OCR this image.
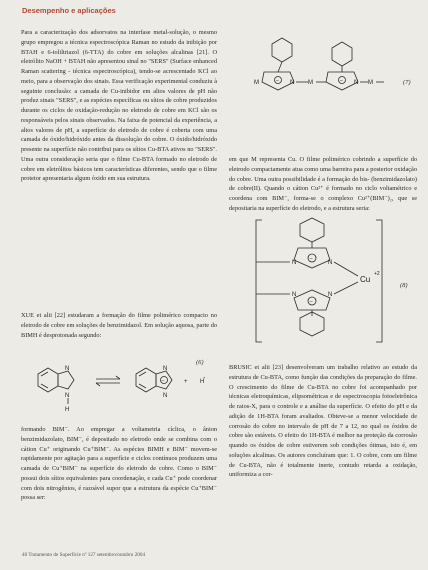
Desempenho e aplicações

Para a caracterização dos adsorvatos na interfase metal-solução, o mesmo grupo empregou a técnica espectroscópica Raman no estudo da inibição por BTAH e 6-toliltriazol (6-TTA) do cobre em soluções alcalinas [21]. O eletrólito NaOH + BTAH não apresentou sinal no "SERS" (Surface enhanced Raman scattering - técnica espectroscópica), tendo-se acrescentado KCl ao meio, para a observação dos sinais. Essa verificação experimental conduziu à seguinte conclusão: a camada de Cu-inibidor em altos valores de pH não produz sinais "SERS", e as espécies específicas ou sítios de cobre produzidos durante os ciclos de oxidação-redução no eletrodo de cobre em KCl são os responsáveis pelos sinais observados. Na faixa de potencial da experiência, a altos valores de pH, a superfície do eletrodo de cobre é coberta com uma camada de óxido/hidróxido antes da dissolução do cobre. O óxido/hidróxido presente na superfície não contribui para os sítios Cu-BTA ativos no "SERS". Uma outra consideração seria que o filme Cu-BTA formado no eletrodo de cobre em eletrólitos básicos tem características diferentes, sendo que o filme protetor apresentaria algum óxido em sua estrutura.

XUE et alii [22] estudaram a formação do filme polimérico compacto no eletrodo de cobre em soluções de benzimidazol. Em solução aquosa, parte do BIMH é desprotonada segundo:

N
N
H
–
N
N
+ H
+
(6)

formando BIM⁻. Ao empregar a voltametria cíclica, o ânion benzimidazolato, BIM⁻, é depositado no eletrodo onde se combina com o cátion Cu⁺ originando Cu⁺BIM⁻. As espécies BIMH e BIM⁻ movem-se rapidamente por agitação para a superfície e ciclos contínuos produzem uma camada de Cu⁺BIM⁻ na superfície do eletrodo de cobre. Como o BIM⁻ possui dois sítios equivalentes para coordenação, e cada Cu⁺ pode coordenar com dois nitrogênios, é razoável supor que a estrutura da espécie Cu⁺BIM⁻ possa ser:

–
M	N M	– N M	(7)

em que M representa Cu. O filme polimérico cobrindo a superfície do eletrodo compactamente atua como uma barreira para a posterior oxidação do cobre. Uma outra possibilidade é a formação do bis- (benzimidazolato) de cobre(II). Quando o cátion Cu²⁺ é formado no ciclo voltamétrico e coordena com BIM⁻, forma-se o complexo Cu²⁺(BIM⁻)₂, que se depositaria na superfície do eletrodo, e a estrutura seria:

–
N	N
–
N	N
Cu
+2
(8)

BRUSIC et alii [23] desenvolveram um trabalho relativo ao estudo da estrutura de Cu-BTA, como função das condições da preparação do filme. O crescimento do filme de Cu-BTA no cobre foi acompanhado por técnicas eletroquímicas, elipsométricas e de espectroscopia fotoeletrônica de raios-X, para o controle e a análise da superfície. O efeito do pH e da adição de 1H-BTA foram avaliados. Obteve-se a menor velocidade de corrosão do cobre no intervalo de pH de 7 a 12, no qual os óxidos de cobre são estáveis. O efeito do 1H-BTA é melhor na proteção da corrosão quando os óxidos de cobre estiverem sob condições ótimas, isto é, em soluções alcalinas. Os autores concluíram que: 1. O cobre, com um filme de Cu-BTA, não é totalmente inerte, contudo retarda a oxidação, uniformiza a cor-

40 Tratamento de Superfície nº 127 setembro/outubro 2004
